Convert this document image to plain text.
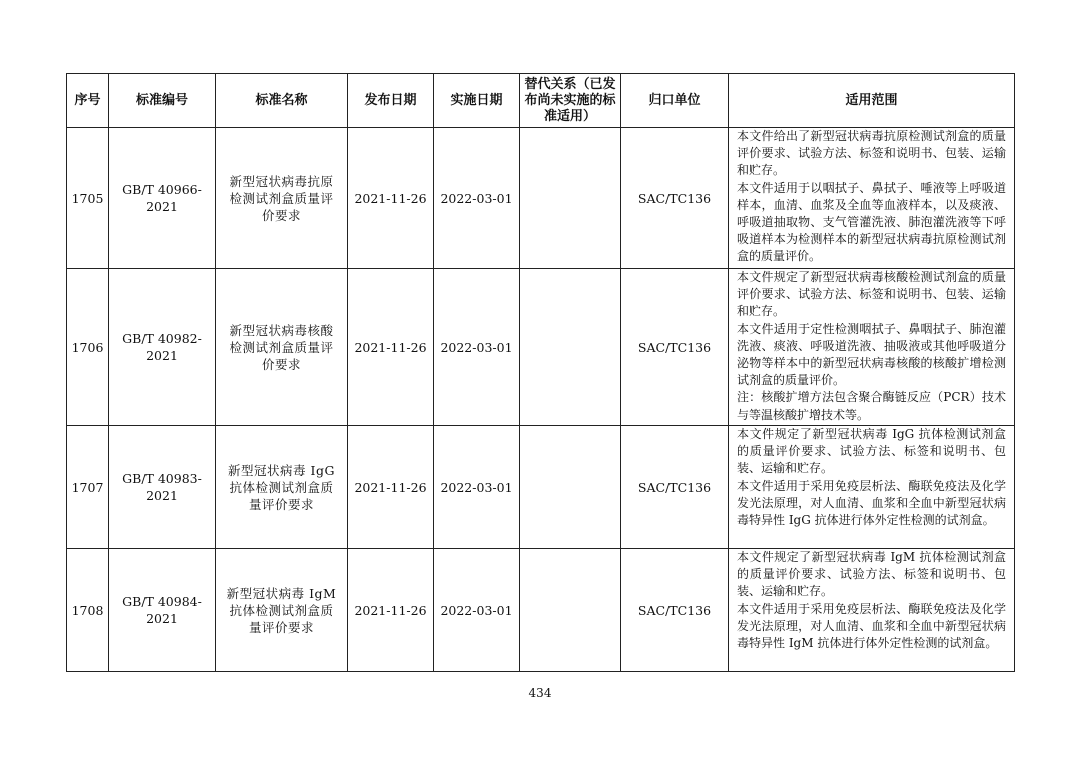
序号	标准编号	标准名称	发布日期	实施日期	替代关系（已发布尚未实施的标准适用）	归口单位	适用范围
1705	GB/T 40966-2021	新型冠状病毒抗原检测试剂盒质量评价要求	2021-11-26	2022-03-01		SAC/TC136	本文件给出了新型冠状病毒抗原检测试剂盒的质量评价要求、试验方法、标签和说明书、包装、运输和贮存。

本文件适用于以咽拭子、鼻拭子、唾液等上呼吸道样本，血清、血浆及全血等血液样本，以及痰液、呼吸道抽取物、支气管灌洗液、肺泡灌洗液等下呼吸道样本为检测样本的新型冠状病毒抗原检测试剂盒的质量评价。

1706	GB/T 40982-2021	新型冠状病毒核酸检测试剂盒质量评价要求	2021-11-26	2022-03-01		SAC/TC136	本文件规定了新型冠状病毒核酸检测试剂盒的质量评价要求、试验方法、标签和说明书、包装、运输和贮存。

本文件适用于定性检测咽拭子、鼻咽拭子、肺泡灌洗液、痰液、呼吸道洗液、抽吸液或其他呼吸道分泌物等样本中的新型冠状病毒核酸的核酸扩增检测试剂盒的质量评价。

注：核酸扩增方法包含聚合酶链反应（PCR）技术与等温核酸扩增技术等。

1707	GB/T 40983-2021	新型冠状病毒 IgG 抗体检测试剂盒质量评价要求	2021-11-26	2022-03-01		SAC/TC136	本文件规定了新型冠状病毒 IgG 抗体检测试剂盒的质量评价要求、试验方法、标签和说明书、包装、运输和贮存。

本文件适用于采用免疫层析法、酶联免疫法及化学发光法原理，对人血清、血浆和全血中新型冠状病毒特异性 IgG 抗体进行体外定性检测的试剂盒。

1708	GB/T 40984-2021	新型冠状病毒 IgM 抗体检测试剂盒质量评价要求	2021-11-26	2022-03-01		SAC/TC136	本文件规定了新型冠状病毒 IgM 抗体检测试剂盒的质量评价要求、试验方法、标签和说明书、包装、运输和贮存。

本文件适用于采用免疫层析法、酶联免疫法及化学发光法原理，对人血清、血浆和全血中新型冠状病毒特异性 IgM 抗体进行体外定性检测的试剂盒。

434
